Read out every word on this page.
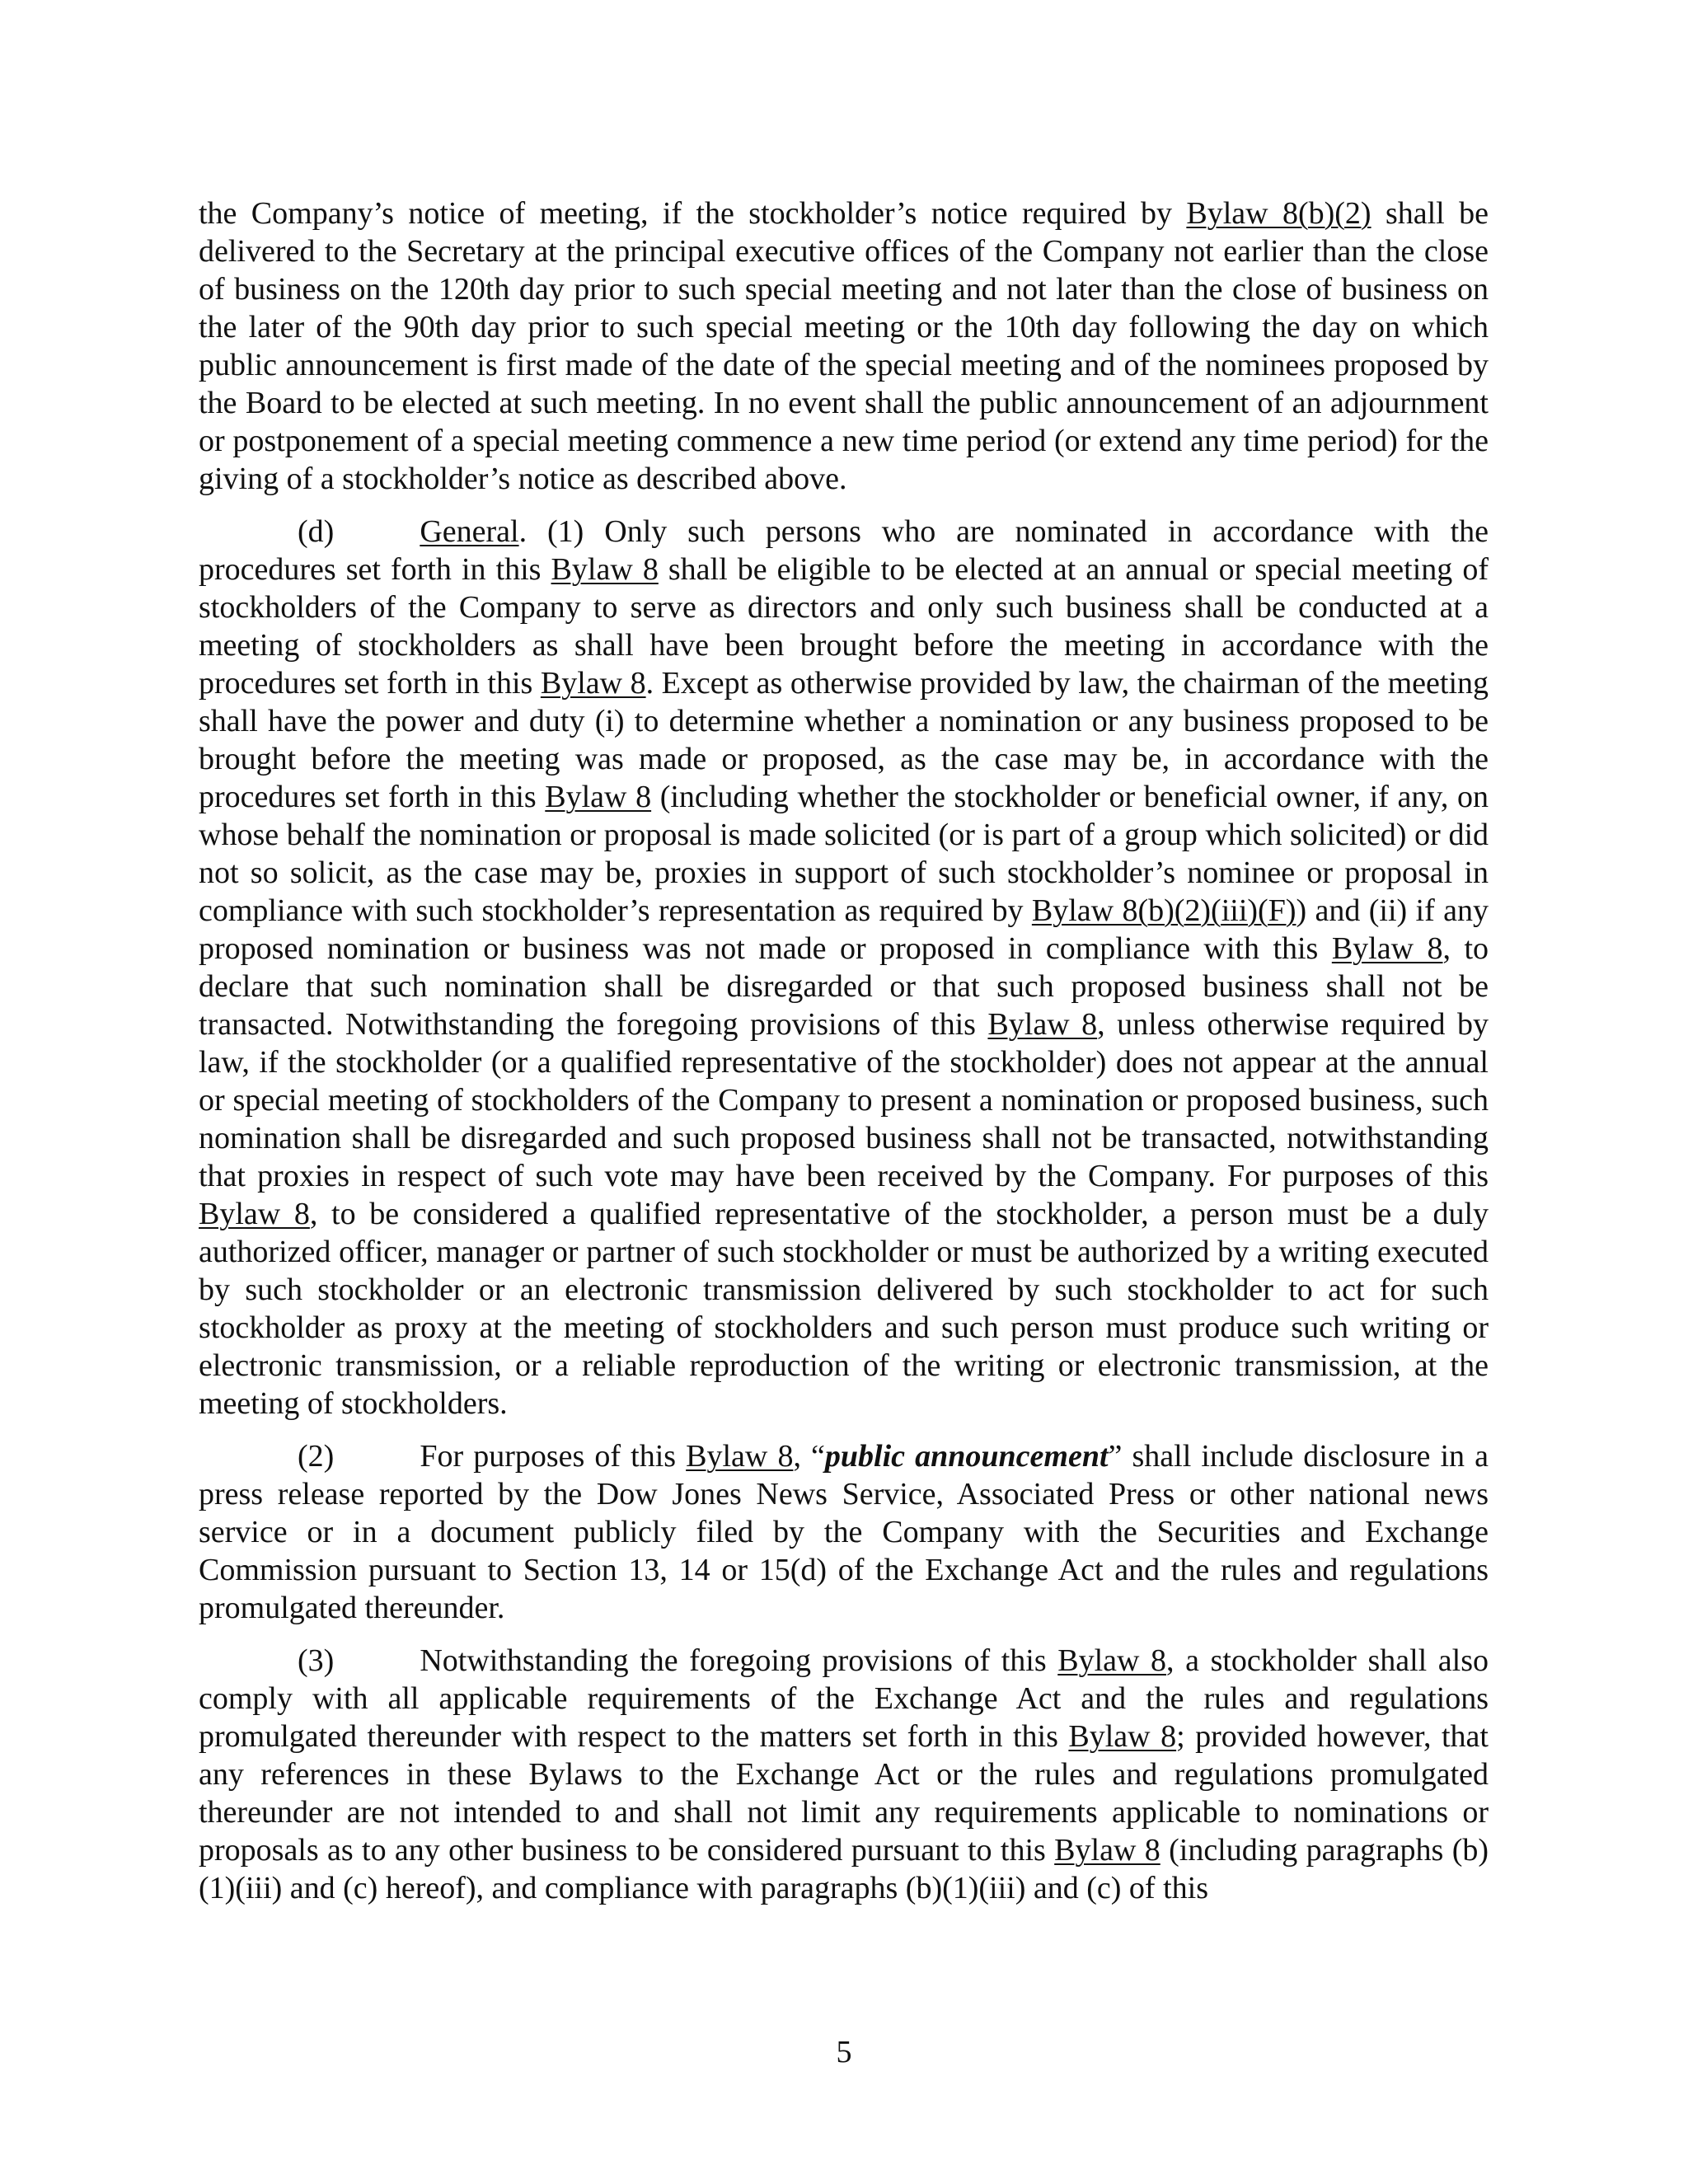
the Company’s notice of meeting, if the stockholder’s notice required by Bylaw 8(b)(2) shall be delivered to the Secretary at the principal executive offices of the Company not earlier than the close of business on the 120th day prior to such special meeting and not later than the close of business on the later of the 90th day prior to such special meeting or the 10th day following the day on which public announcement is first made of the date of the special meeting and of the nominees proposed by the Board to be elected at such meeting. In no event shall the public announcement of an adjournment or postponement of a special meeting commence a new time period (or extend any time period) for the giving of a stockholder’s notice as described above.

(d)	General. (1) Only such persons who are nominated in accordance with the procedures set forth in this Bylaw 8 shall be eligible to be elected at an annual or special meeting of stockholders of the Company to serve as directors and only such business shall be conducted at a meeting of stockholders as shall have been brought before the meeting in accordance with the procedures set forth in this Bylaw 8. Except as otherwise provided by law, the chairman of the meeting shall have the power and duty (i) to determine whether a nomination or any business proposed to be brought before the meeting was made or proposed, as the case may be, in accordance with the procedures set forth in this Bylaw 8 (including whether the stockholder or beneficial owner, if any, on whose behalf the nomination or proposal is made solicited (or is part of a group which solicited) or did not so solicit, as the case may be, proxies in support of such stockholder’s nominee or proposal in compliance with such stockholder’s representation as required by Bylaw 8(b)(2)(iii)(F)) and (ii) if any proposed nomination or business was not made or proposed in compliance with this Bylaw 8, to declare that such nomination shall be disregarded or that such proposed business shall not be transacted. Notwithstanding the foregoing provisions of this Bylaw 8, unless otherwise required by law, if the stockholder (or a qualified representative of the stockholder) does not appear at the annual or special meeting of stockholders of the Company to present a nomination or proposed business, such nomination shall be disregarded and such proposed business shall not be transacted, notwithstanding that proxies in respect of such vote may have been received by the Company. For purposes of this Bylaw 8, to be considered a qualified representative of the stockholder, a person must be a duly authorized officer, manager or partner of such stockholder or must be authorized by a writing executed by such stockholder or an electronic transmission delivered by such stockholder to act for such stockholder as proxy at the meeting of stockholders and such person must produce such writing or electronic transmission, or a reliable reproduction of the writing or electronic transmission, at the meeting of stockholders.

(2)	For purposes of this Bylaw 8, “public announcement” shall include disclosure in a press release reported by the Dow Jones News Service, Associated Press or other national news service or in a document publicly filed by the Company with the Securities and Exchange Commission pursuant to Section 13, 14 or 15(d) of the Exchange Act and the rules and regulations promulgated thereunder.

(3)	Notwithstanding the foregoing provisions of this Bylaw 8, a stockholder shall also comply with all applicable requirements of the Exchange Act and the rules and regulations promulgated thereunder with respect to the matters set forth in this Bylaw 8; provided however, that any references in these Bylaws to the Exchange Act or the rules and regulations promulgated thereunder are not intended to and shall not limit any requirements applicable to nominations or proposals as to any other business to be considered pursuant to this Bylaw 8 (including paragraphs (b)(1)(iii) and (c) hereof), and compliance with paragraphs (b)(1)(iii) and (c) of this

5
